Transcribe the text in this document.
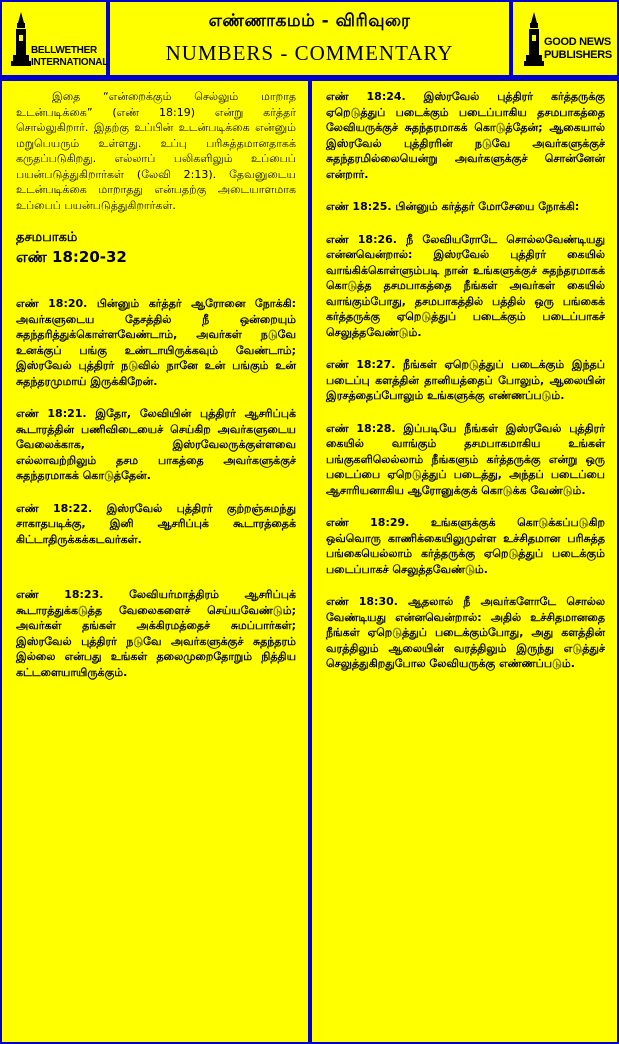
BELLWETHER
INTERNATIONAL
எண்ணாகமம் - விரிவுரை
NUMBERS - COMMENTARY	GOOD NEWS
PUBLISHERS

இதை “என்றைக்கும் செல்லும் மாறாத உடன்படிக்கை” (எண் 18:19) என்று கர்த்தர் சொல்லுகிறார். இதற்கு உப்பின் உடன்படிக்கை என்னும் மறுபெயரும் உள்ளது. உப்பு பரிசுத்தமானதாகக் கருதப்படுகிறது. எல்லாப் பலிகளிலும் உப்பைப் பயன்படுத்துகிறார்கள் (லேவி 2:13). தேவனுடைய உடன்படிக்கை மாறாதது என்பதற்கு அடையாளமாக உப்பைப் பயன்படுத்துகிறார்கள்.

தசமபாகம்
எண் 18:20-32

எண் 18:20. பின்னும் கர்த்தர் ஆரோனை நோக்கி: அவர்களுடைய தேசத்தில் நீ ஒன்றையும் சுதந்தரித்துக்கொள்ளவேண்டாம், அவர்கள் நடுவே உனக்குப் பங்கு உண்டாயிருக்கவும் வேண்டாம்; இஸ்ரவேல் புத்திரர் நடுவில் நானே உன் பங்கும் உன் சுதந்தரமுமாய் இருக்கிறேன்.

எண் 18:21. இதோ, லேவியின் புத்திரர் ஆசரிப்புக் கூடாரத்தின் பணிவிடையைச் செய்கிற அவர்களுடைய வேலைக்காக, இஸ்ரவேலருக்குள்ளவை எல்லாவற்றிலும் தசம பாகத்தை அவர்களுக்குச் சுதந்தரமாகக் கொடுத்தேன்.

எண் 18:22. இஸ்ரவேல் புத்திரர் குற்றஞ்சுமந்து சாகாதபடிக்கு, இனி ஆசரிப்புக் கூடாரத்தைக் கிட்டாதிருக்கக்கடவர்கள்.

எண் 18:23. லேவியர்மாத்திரம் ஆசரிப்புக் கூடாரத்துக்கடுத்த வேலைகளைச் செய்யவேண்டும்; அவர்கள் தங்கள் அக்கிரமத்தைச் சுமப்பார்கள்; இஸ்ரவேல் புத்திரர் நடுவே அவர்களுக்குச் சுதந்தரம் இல்லை என்பது உங்கள் தலைமுறைதோறும் நித்திய கட்டளையாயிருக்கும்.

எண் 18:24. இஸ்ரவேல் புத்திரர் கர்த்தருக்கு ஏறெடுத்துப் படைக்கும் படைப்பாகிய தசமபாகத்தை லேவியருக்குச் சுதந்தரமாகக் கொடுத்தேன்; ஆகையால் இஸ்ரவேல் புத்திரரின் நடுவே அவர்களுக்குச் சுதந்தரமில்லையென்று அவர்களுக்குச் சொன்னேன் என்றார்.

எண் 18:25. பின்னும் கர்த்தர் மோசேயை நோக்கி:

எண் 18:26. நீ லேவியரோடே சொல்லவேண்டியது என்னவென்றால்: இஸ்ரவேல் புத்திரர் கையில் வாங்கிக்கொள்ளும்படி நான் உங்களுக்குச் சுதந்தரமாகக் கொடுத்த தசமபாகத்தை நீங்கள் அவர்கள் கையில் வாங்கும்போது, தசமபாகத்தில் பத்தில் ஒரு பங்கைக் கர்த்தருக்கு ஏறெடுத்துப் படைக்கும் படைப்பாகச் செலுத்தவேண்டும்.

எண் 18:27. நீங்கள் ஏறெடுத்துப் படைக்கும் இந்தப் படைப்பு களத்தின் தானியத்தைப் போலும், ஆலையின் இரசத்தைப்போலும் உங்களுக்கு எண்ணப்படும்.

எண் 18:28. இப்படியே நீங்கள் இஸ்ரவேல் புத்திரர் கையில் வாங்கும் தசமபாகமாகிய உங்கள் பங்குகளிலெல்லாம் நீங்களும் கர்த்தருக்கு என்று ஒரு படைப்பை ஏறெடுத்துப் படைத்து, அந்தப் படைப்பை ஆசாரியனாகிய ஆரோனுக்குக் கொடுக்க வேண்டும்.

எண் 18:29. உங்களுக்குக் கொடுக்கப்படுகிற ஒவ்வொரு காணிக்கையிலுமுள்ள உச்சிதமான பரிசுத்த பங்கையெல்லாம் கர்த்தருக்கு ஏறெடுத்துப் படைக்கும் படைப்பாகச் செலுத்தவேண்டும்.

எண் 18:30. ஆதலால் நீ அவர்களோடே சொல்ல வேண்டியது என்னவென்றால்: அதில் உச்சிதமானதை நீங்கள் ஏறெடுத்துப் படைக்கும்போது, அது களத்தின் வரத்திலும் ஆலையின் வரத்திலும் இருந்து எடுத்துச் செலுத்துகிறதுபோல லேவியருக்கு எண்ணப்படும்.
